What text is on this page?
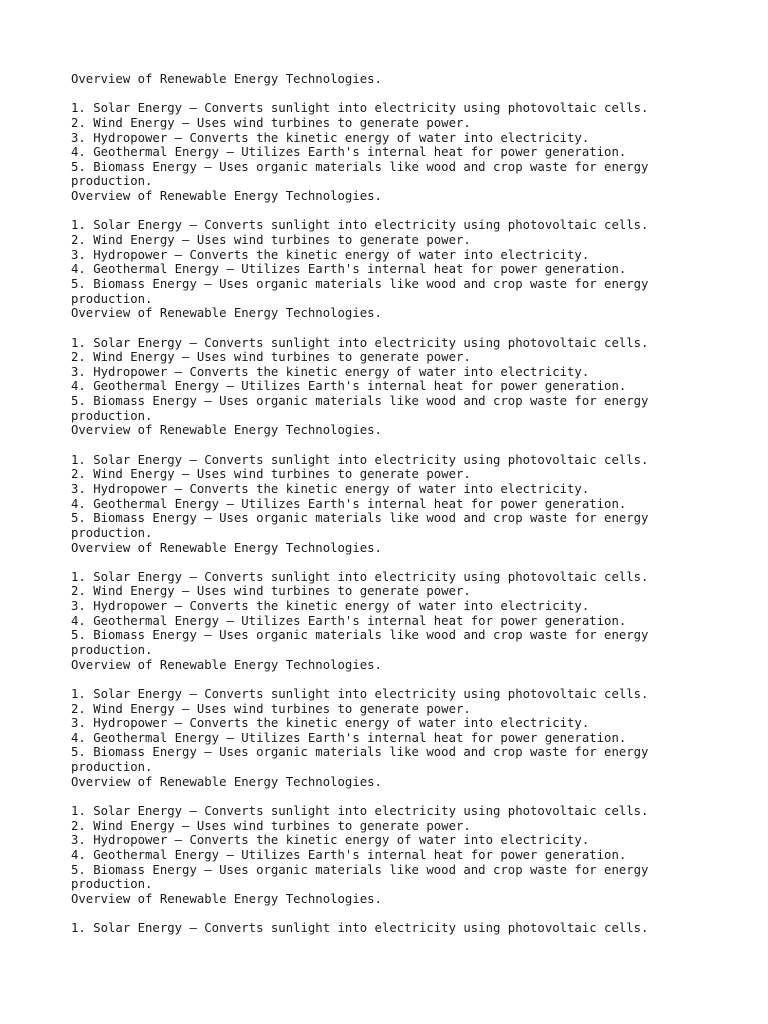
Overview of Renewable Energy Technologies.
1. Solar Energy – Converts sunlight into electricity using photovoltaic cells.
2. Wind Energy – Uses wind turbines to generate power.
3. Hydropower – Converts the kinetic energy of water into electricity.
4. Geothermal Energy – Utilizes Earth's internal heat for power generation.
5. Biomass Energy – Uses organic materials like wood and crop waste for energy
production.
Overview of Renewable Energy Technologies.
1. Solar Energy – Converts sunlight into electricity using photovoltaic cells.
2. Wind Energy – Uses wind turbines to generate power.
3. Hydropower – Converts the kinetic energy of water into electricity.
4. Geothermal Energy – Utilizes Earth's internal heat for power generation.
5. Biomass Energy – Uses organic materials like wood and crop waste for energy
production.
Overview of Renewable Energy Technologies.
1. Solar Energy – Converts sunlight into electricity using photovoltaic cells.
2. Wind Energy – Uses wind turbines to generate power.
3. Hydropower – Converts the kinetic energy of water into electricity.
4. Geothermal Energy – Utilizes Earth's internal heat for power generation.
5. Biomass Energy – Uses organic materials like wood and crop waste for energy
production.
Overview of Renewable Energy Technologies.
1. Solar Energy – Converts sunlight into electricity using photovoltaic cells.
2. Wind Energy – Uses wind turbines to generate power.
3. Hydropower – Converts the kinetic energy of water into electricity.
4. Geothermal Energy – Utilizes Earth's internal heat for power generation.
5. Biomass Energy – Uses organic materials like wood and crop waste for energy
production.
Overview of Renewable Energy Technologies.
1. Solar Energy – Converts sunlight into electricity using photovoltaic cells.
2. Wind Energy – Uses wind turbines to generate power.
3. Hydropower – Converts the kinetic energy of water into electricity.
4. Geothermal Energy – Utilizes Earth's internal heat for power generation.
5. Biomass Energy – Uses organic materials like wood and crop waste for energy
production.
Overview of Renewable Energy Technologies.
1. Solar Energy – Converts sunlight into electricity using photovoltaic cells.
2. Wind Energy – Uses wind turbines to generate power.
3. Hydropower – Converts the kinetic energy of water into electricity.
4. Geothermal Energy – Utilizes Earth's internal heat for power generation.
5. Biomass Energy – Uses organic materials like wood and crop waste for energy
production.
Overview of Renewable Energy Technologies.
1. Solar Energy – Converts sunlight into electricity using photovoltaic cells.
2. Wind Energy – Uses wind turbines to generate power.
3. Hydropower – Converts the kinetic energy of water into electricity.
4. Geothermal Energy – Utilizes Earth's internal heat for power generation.
5. Biomass Energy – Uses organic materials like wood and crop waste for energy
production.
Overview of Renewable Energy Technologies.
1. Solar Energy – Converts sunlight into electricity using photovoltaic cells.
